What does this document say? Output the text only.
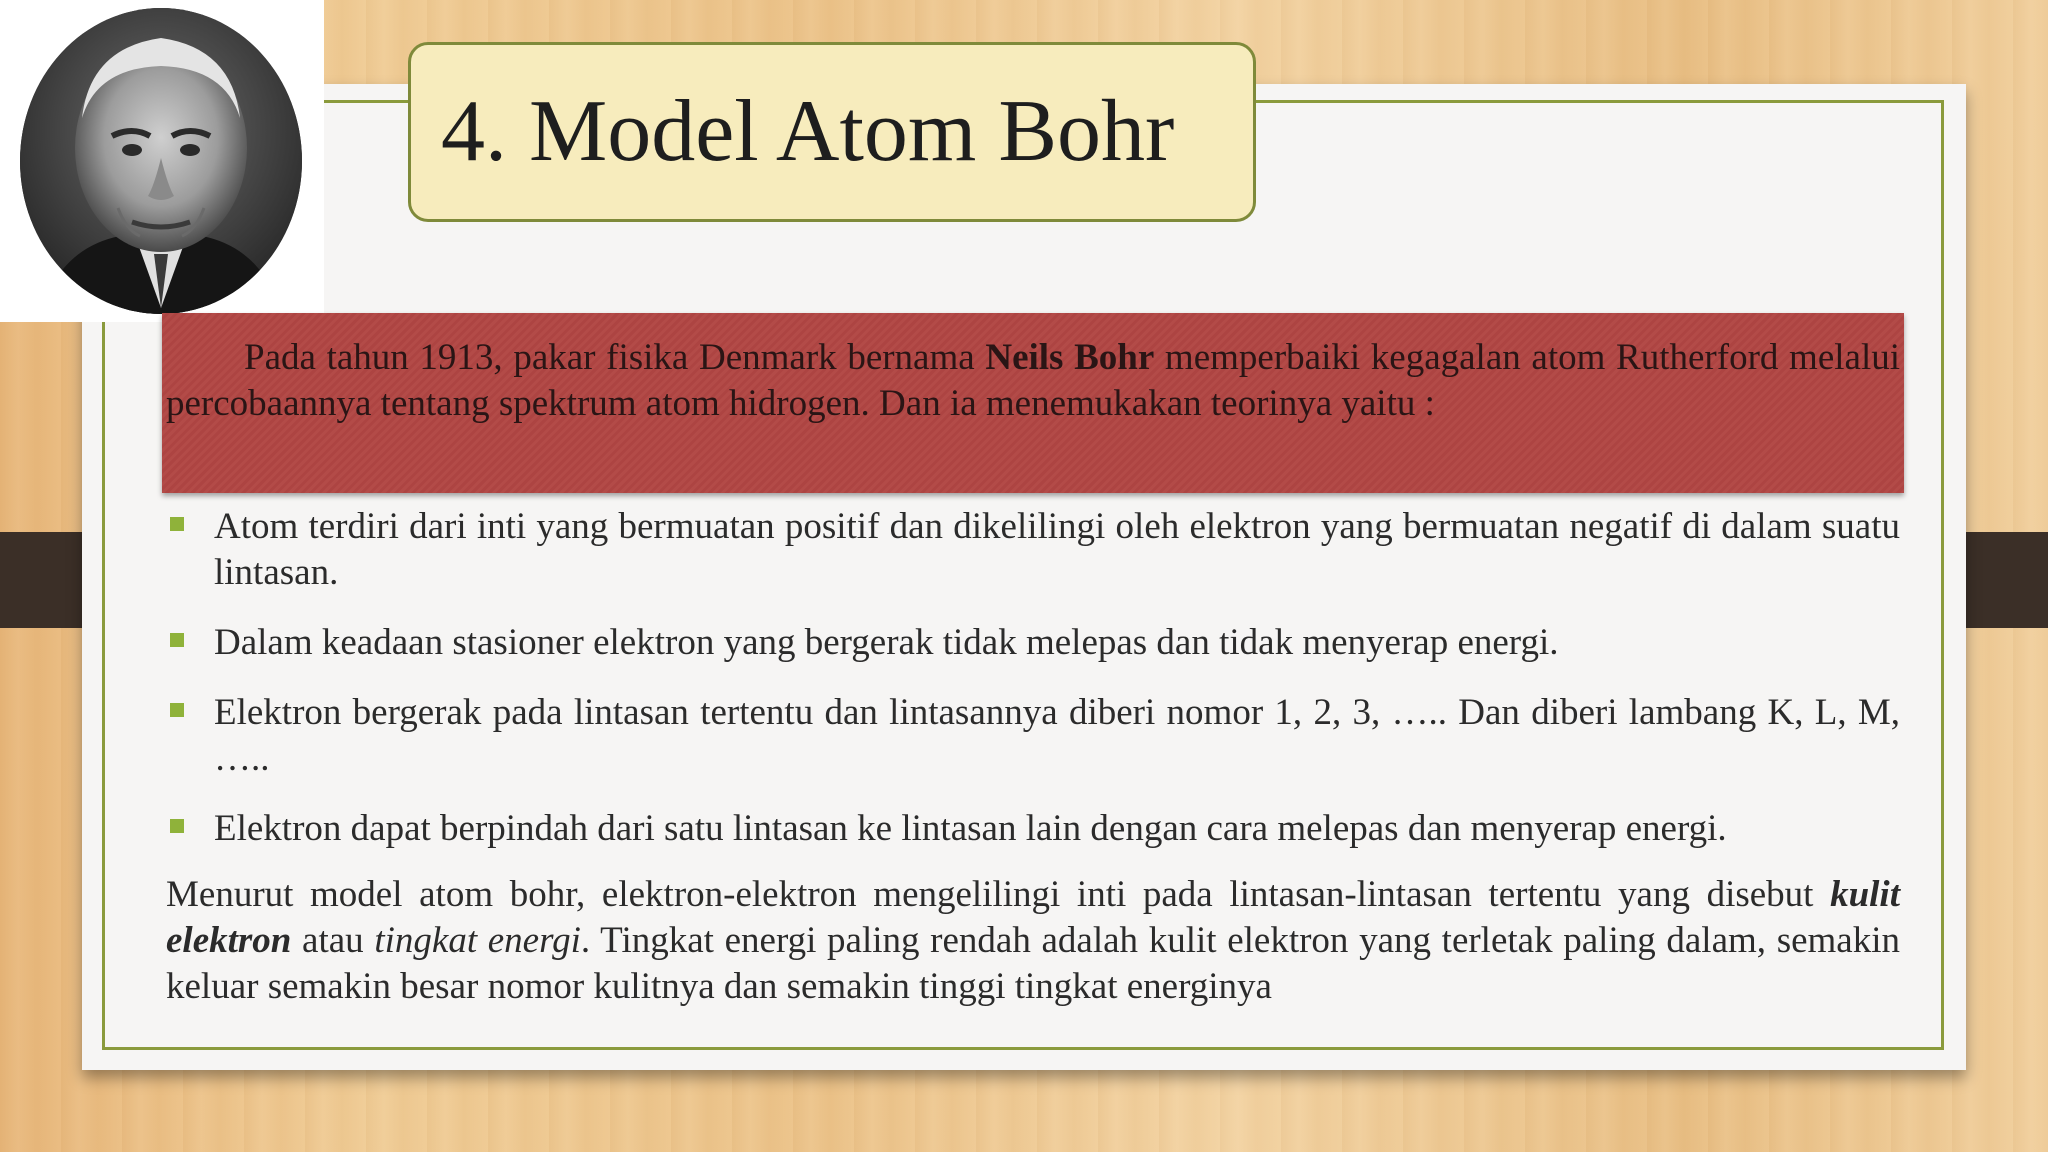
4. Model Atom Bohr

Pada tahun 1913, pakar fisika Denmark bernama Neils Bohr memperbaiki kegagalan atom Rutherford melalui percobaannya tentang spektrum atom hidrogen. Dan ia menemukakan teorinya yaitu :

Atom terdiri dari inti yang bermuatan positif dan dikelilingi oleh elektron yang bermuatan negatif di dalam suatu lintasan.
Dalam keadaan stasioner elektron yang bergerak tidak melepas dan tidak menyerap energi.
Elektron bergerak pada lintasan tertentu dan lintasannya diberi nomor 1, 2, 3, ….. Dan diberi lambang K, L, M, …..
Elektron dapat berpindah dari satu lintasan ke lintasan lain dengan cara melepas dan menyerap energi.

Menurut model atom bohr, elektron-elektron mengelilingi inti pada lintasan-lintasan tertentu yang disebut kulit elektron atau tingkat energi. Tingkat energi paling rendah adalah kulit elektron yang terletak paling dalam, semakin keluar semakin besar nomor kulitnya dan semakin tinggi tingkat energinya
